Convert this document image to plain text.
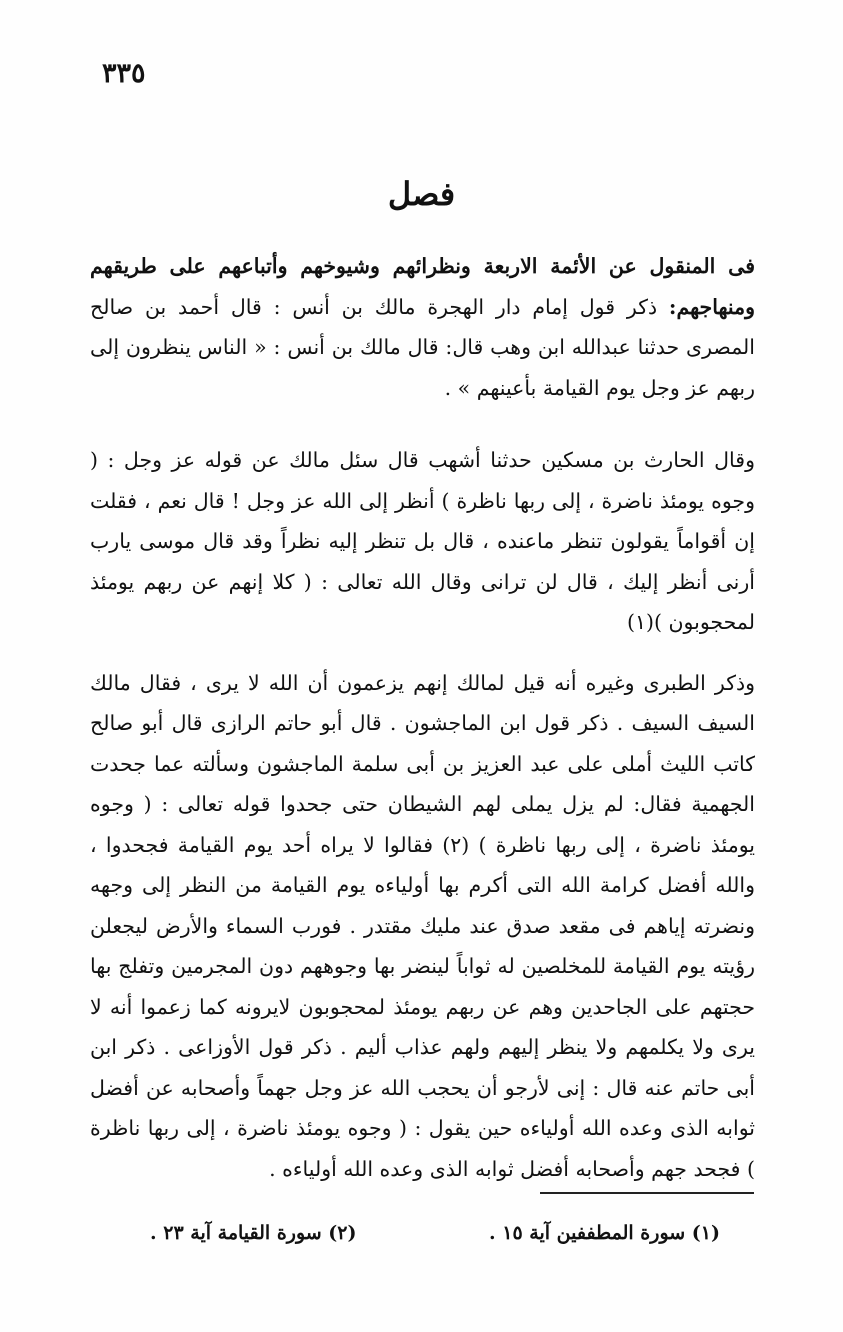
٣٣٥
فصل

فى المنقول عن الأئمة الاربعة ونظرائهم وشيوخهم وأتباعهم على طريقهم ومنهاجهم: ذكر قول إمام دار الهجرة مالك بن أنس : قال أحمد بن صالح المصرى حدثنا عبدالله ابن وهب قال: قال مالك بن أنس : « الناس ينظرون إلى ربهم عز وجل يوم القيامة بأعينهم » .

وقال الحارث بن مسكين حدثنا أشهب قال سئل مالك عن قوله عز وجل : ( وجوه يومئذ ناضرة ، إلى ربها ناظرة ) أنظر إلى الله عز وجل ! قال نعم ، فقلت إن أقواماً يقولون تنظر ماعنده ، قال بل تنظر إليه نظراً وقد قال موسى يارب أرنى أنظر إليك ، قال لن ترانى وقال الله تعالى : ( كلا إنهم عن ربهم يومئذ لمحجوبون )(١)

وذكر الطبرى وغيره أنه قيل لمالك إنهم يزعمون أن الله لا يرى ، فقال مالك السيف السيف . ذكر قول ابن الماجشون . قال أبو حاتم الرازى قال أبو صالح كاتب الليث أملى على عبد العزيز بن أبى سلمة الماجشون وسألته عما جحدت الجهمية فقال: لم يزل يملى لهم الشيطان حتى جحدوا قوله تعالى : ( وجوه يومئذ ناضرة ، إلى ربها ناظرة ) (٢) فقالوا لا يراه أحد يوم القيامة فجحدوا ، والله أفضل كرامة الله التى أكرم بها أولياءه يوم القيامة من النظر إلى وجهه ونضرته إياهم فى مقعد صدق عند مليك مقتدر . فورب السماء والأرض ليجعلن رؤيته يوم القيامة للمخلصين له ثواباً لينضر بها وجوههم دون المجرمين وتفلج بها حجتهم على الجاحدين وهم عن ربهم يومئذ لمحجوبون لايرونه كما زعموا أنه لا يرى ولا يكلمهم ولا ينظر إليهم ولهم عذاب أليم . ذكر قول الأوزاعى . ذكر ابن أبى حاتم عنه قال : إنى لأرجو أن يحجب الله عز وجل جهماً وأصحابه عن أفضل ثوابه الذى وعده الله أولياءه حين يقول : ( وجوه يومئذ ناضرة ، إلى ربها ناظرة ) فجحد جهم وأصحابه أفضل ثوابه الذى وعده الله أولياءه .

(١) سورة المطففين آية ١٥ .
(٢) سورة القيامة آية ٢٣ .
